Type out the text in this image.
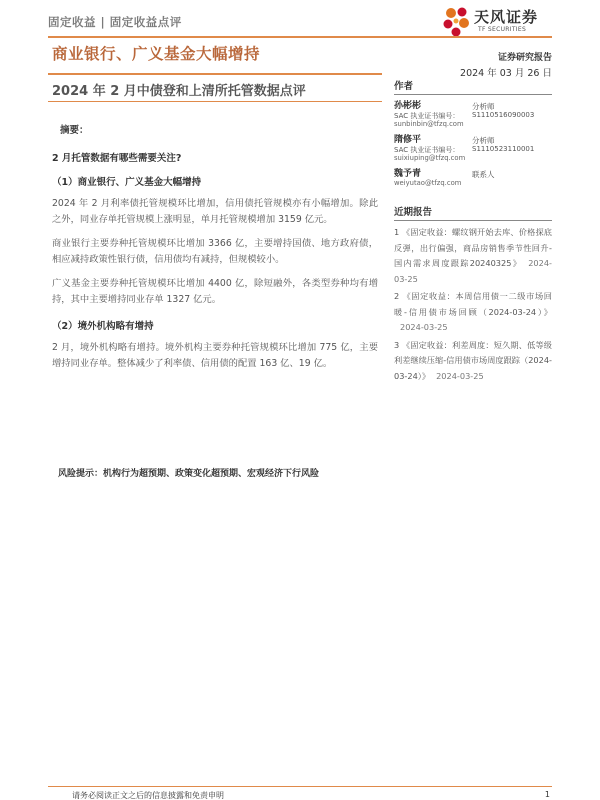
固定收益 | 固定收益点评	天风证券
TF SECURITIES
商业银行、广义基金大幅增持	证券研究报告
2024 年 03 月 26 日
2024 年 2 月中债登和上清所托管数据点评
摘要：
2 月托管数据有哪些需要关注?
（1）商业银行、广义基金大幅增持

2024 年 2 月利率债托管规模环比增加，信用债托管规模亦有小幅增加。除此之外，同业存单托管规模上涨明显，单月托管规模增加 3159 亿元。

商业银行主要券种托管规模环比增加 3366 亿，主要增持国债、地方政府债，相应减持政策性银行债，信用债均有减持，但规模较小。

广义基金主要券种托管规模环比增加 4400 亿，除短融外，各类型券种均有增持，其中主要增持同业存单 1327 亿元。

（2）境外机构略有增持

2 月，境外机构略有增持。境外机构主要券种托管规模环比增加 775 亿，主要增持同业存单。整体减少了利率债、信用债的配置 163 亿、19 亿。

风险提示：机构行为超预期、政策变化超预期、宏观经济下行风险
作者
孙彬彬	分析师
SAC 执业证书编号： S1110516090003
sunbinbin@tfzq.com
隋修平	分析师
SAC 执业证书编号： S1110523110001
suixiuping@tfzq.com
魏予青	联系人
weiyutao@tfzq.com
近期报告
1 《固定收益：螺纹钢开始去库、价格探底反弹，出行偏强，商品房销售季节性回升-国内需求周度跟踪20240325》 2024-03-25
2 《固定收益：本周信用债一二级市场回暖-信用债市场回顾（2024-03-24）》2024-03-25
3 《固定收益：利差周度：短久期、低等级利差继续压缩-信用债市场周度跟踪（2024-03-24）》 2024-03-25
请务必阅读正文之后的信息披露和免责申明	1
